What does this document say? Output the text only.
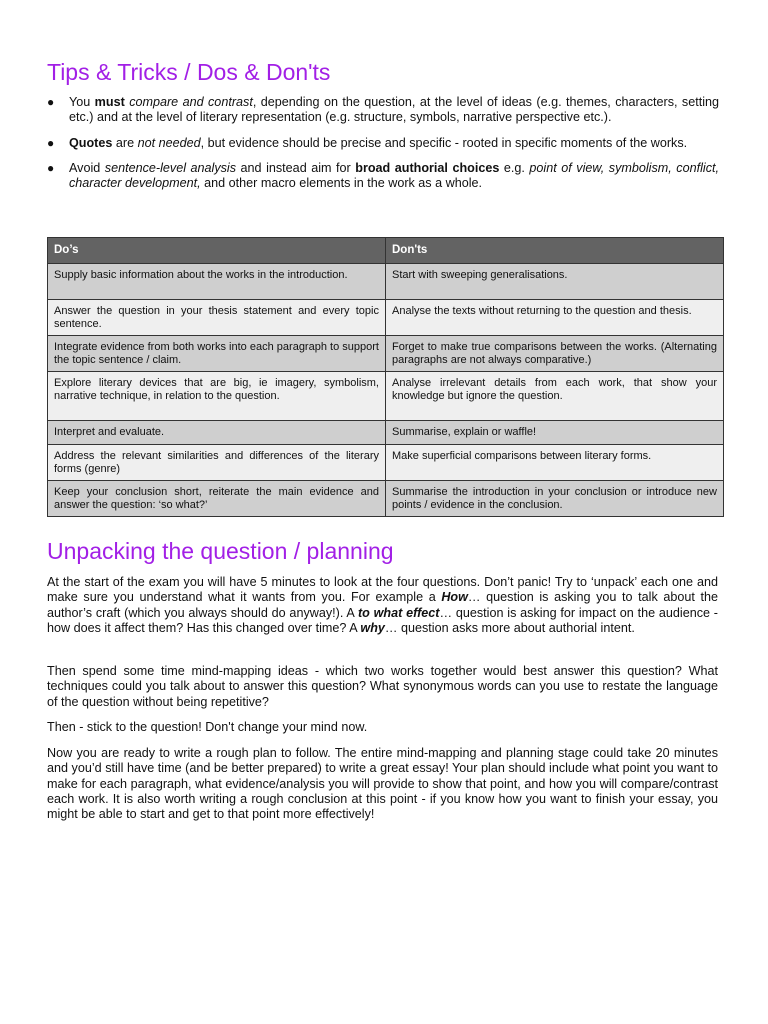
Tips & Tricks / Dos & Don'ts
● You must compare and contrast, depending on the question, at the level of ideas (e.g. themes, characters, setting etc.) and at the level of literary representation (e.g. structure, symbols, narrative perspective etc.).
● Quotes are not needed, but evidence should be precise and specific - rooted in specific moments of the works.
● Avoid sentence-level analysis and instead aim for broad authorial choices e.g. point of view, symbolism, conflict, character development, and other macro elements in the work as a whole.
Do’s	Don'ts
Supply basic information about the works in the introduction.	Start with sweeping generalisations.
Answer the question in your thesis statement and every topic sentence.	Analyse the texts without returning to the question and thesis.
Integrate evidence from both works into each paragraph to support the topic sentence / claim.	Forget to make true comparisons between the works. (Alternating paragraphs are not always comparative.)
Explore literary devices that are big, ie imagery, symbolism, narrative technique, in relation to the question.	Analyse irrelevant details from each work, that show your knowledge but ignore the question.
Interpret and evaluate.	Summarise, explain or waffle!
Address the relevant similarities and differences of the literary forms (genre)	Make superficial comparisons between literary forms.
Keep your conclusion short, reiterate the main evidence and answer the question: ‘so what?’	Summarise the introduction in your conclusion or introduce new points / evidence in the conclusion.
Unpacking the question / planning

At the start of the exam you will have 5 minutes to look at the four questions. Don’t panic! Try to ‘unpack’ each one and make sure you understand what it wants from you. For example a How… question is asking you to talk about the author’s craft (which you always should do anyway!). A to what effect… question is asking for impact on the audience - how does it affect them? Has this changed over time? A why… question asks more about authorial intent.

Then spend some time mind-mapping ideas - which two works together would best answer this question? What techniques could you talk about to answer this question? What synonymous words can you use to restate the language of the question without being repetitive?

Then - stick to the question! Don't change your mind now.

Now you are ready to write a rough plan to follow. The entire mind-mapping and planning stage could take 20 minutes and you’d still have time (and be better prepared) to write a great essay! Your plan should include what point you want to make for each paragraph, what evidence/analysis you will provide to show that point, and how you will compare/contrast each work. It is also worth writing a rough conclusion at this point - if you know how you want to finish your essay, you might be able to start and get to that point more effectively!
